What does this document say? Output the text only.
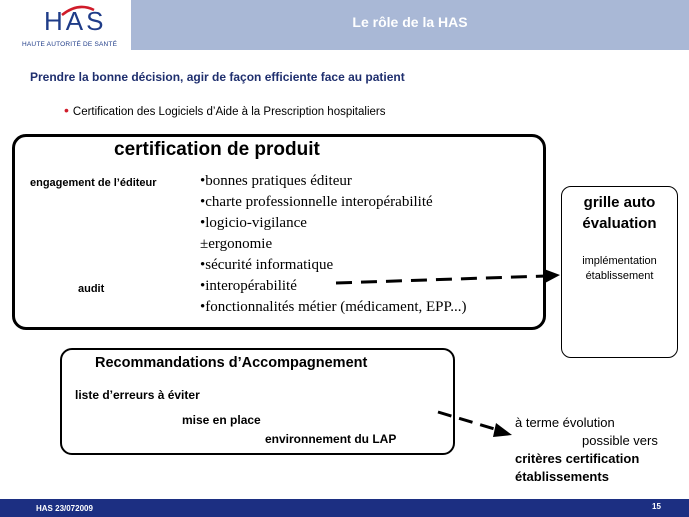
Le rôle de la HAS
HAS
HAUTE AUTORITÉ DE SANTÉ
Prendre la bonne décision, agir de façon efficiente face au patient
• Certification des Logiciels d’Aide à la Prescription hospitaliers
certification de produit
engagement de l’éditeur
audit
•bonnes pratiques éditeur
•charte professionnelle interopérabilité
•logicio-vigilance
±ergonomie
•sécurité informatique
•interopérabilité
•fonctionnalités métier (médicament, EPP...)
grille auto évaluation
implémentation établissement
Recommandations d’Accompagnement
liste d’erreurs à éviter
mise en place
environnement du LAP
à terme évolution
possible vers
critères certification
établissements
HAS 23/072009	15
